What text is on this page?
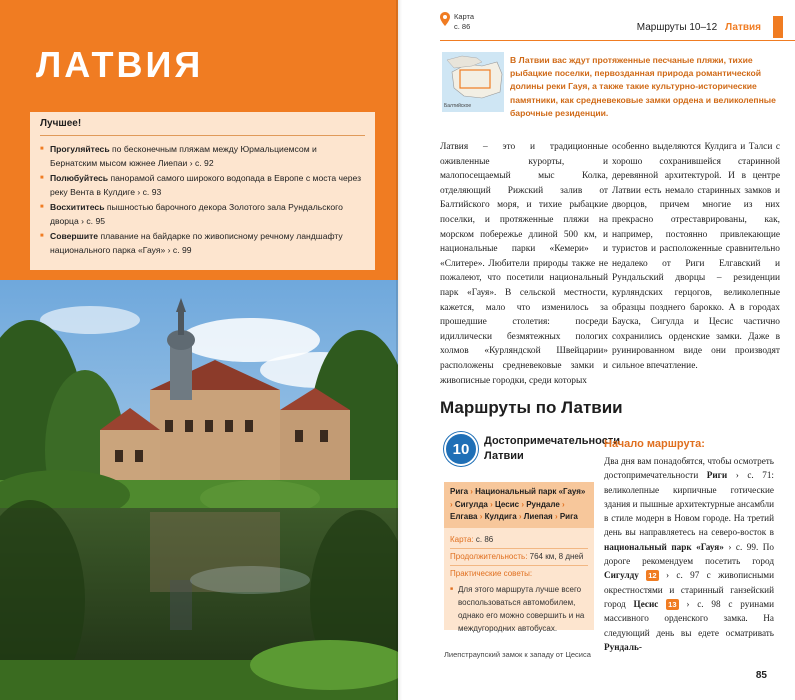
ЛАТВИЯ
Лучшее!
■ Прогуляйтесь по бесконечным пляжам между Юрмальциемсом и Бернатским мысом южнее Лиепаи › с. 92
■ Полюбуйтесь панорамой самого широкого водопада в Европе с моста через реку Вента в Кулдиге › с. 93
■ Восхититесь пышностью барочного декора Золотого зала Рундальского дворца › с. 95
■ Совершите плавание на байдарке по живописному речному ландшафту национального парка «Гауя» › с. 99
Карта
с. 86	Маршруты 10–12 Латвия
Балтийское
В Латвии вас ждут протяженные песчаные пляжи, тихие рыбацкие поселки, первозданная природа романтической долины реки Гауя, а также такие культурно-исторические памятники, как средневековые замки ордена и великолепные барочные резиденции.
Латвия – это и традиционные оживленные курорты, и малопосещаемый мыс Колка, отделяющий Рижский залив от Балтийского моря, и тихие рыбацкие поселки, и протяженные пляжи на морском побережье длиной 500 км, и национальные парки «Кемери» и «Слитере». Любители природы также не пожалеют, что посетили национальный парк «Гауя». В сельской местности, кажется, мало что изменилось за прошедшие столетия: посреди идиллически безмятежных пологих холмов «Курляндской Швейцарии» расположены средневековые замки и живописные городки, среди которых
особенно выделяются Кулдига и Талси с хорошо сохранившейся старинной деревянной архитектурой. И в центре Латвии есть немало старинных замков и дворцов, причем многие из них прекрасно отреставрированы, как, например, постоянно привлекающие туристов и расположенные сравнительно недалеко от Риги Елгавский и Рундальский дворцы – резиденции курляндских герцогов, великолепные образцы позднего барокко. А в городах Бауска, Сигулда и Цесис частично сохранились орденские замки. Даже в руинированном виде они производят сильное впечатление.
Маршруты по Латвии
10	Достопримечательности Латвии
Рига › Национальный парк «Гауя» › Сигулда › Цесис › Рундале › Елгава › Кулдига › Лиепая › Рига
Карта: с. 86
Продолжительность: 764 км, 8 дней
Практические советы:
■ Для этого маршрута лучше всего воспользоваться автомобилем, однако его можно совершить и на междугородних автобусах.
Лиепстраупский замок к западу от Цесиса
Начало маршрута:
Два дня вам понадобятся, чтобы осмотреть достопримечательности Риги › с. 71: великолепные кирпичные готические здания и пышные архитектурные ансамбли в стиле модерн в Новом городе. На третий день вы направляетесь на северо-восток в национальный парк «Гауя» › с. 99. По дороге рекомендуем посетить город Сигулду 12 › с. 97 с живописными окрестностями и старинный ганзейский город Цесис 13 › с. 98 с руинами массивного орденского замка. На следующий день вы едете осматривать Рундаль-
85
